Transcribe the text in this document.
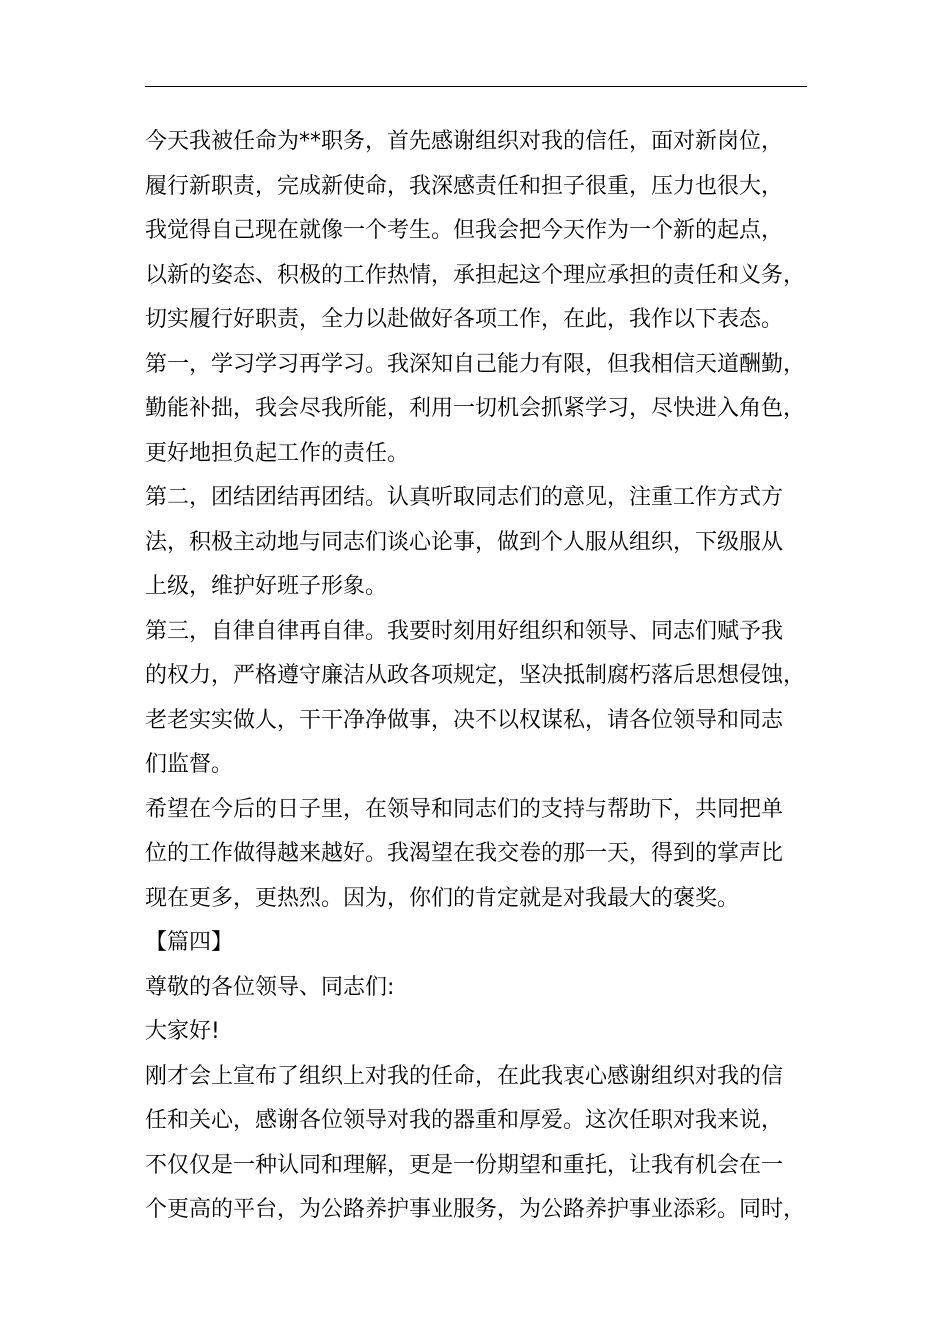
今天我被任命为**职务，首先感谢组织对我的信任，面对新岗位，
履行新职责，完成新使命，我深感责任和担子很重，压力也很大，
我觉得自己现在就像一个考生。但我会把今天作为一个新的起点，
以新的姿态、积极的工作热情，承担起这个理应承担的责任和义务，
切实履行好职责，全力以赴做好各项工作，在此，我作以下表态。
第一，学习学习再学习。我深知自己能力有限，但我相信天道酬勤，
勤能补拙，我会尽我所能，利用一切机会抓紧学习，尽快进入角色，
更好地担负起工作的责任。
第二，团结团结再团结。认真听取同志们的意见，注重工作方式方
法，积极主动地与同志们谈心论事，做到个人服从组织，下级服从
上级，维护好班子形象。
第三，自律自律再自律。我要时刻用好组织和领导、同志们赋予我
的权力，严格遵守廉洁从政各项规定，坚决抵制腐朽落后思想侵蚀，
老老实实做人，干干净净做事，决不以权谋私，请各位领导和同志
们监督。
希望在今后的日子里，在领导和同志们的支持与帮助下，共同把单
位的工作做得越来越好。我渴望在我交卷的那一天，得到的掌声比
现在更多，更热烈。因为，你们的肯定就是对我最大的褒奖。
【篇四】
尊敬的各位领导、同志们:
大家好!
刚才会上宣布了组织上对我的任命，在此我衷心感谢组织对我的信
任和关心，感谢各位领导对我的器重和厚爱。这次任职对我来说，
不仅仅是一种认同和理解，更是一份期望和重托，让我有机会在一
个更高的平台，为公路养护事业服务，为公路养护事业添彩。同时，
